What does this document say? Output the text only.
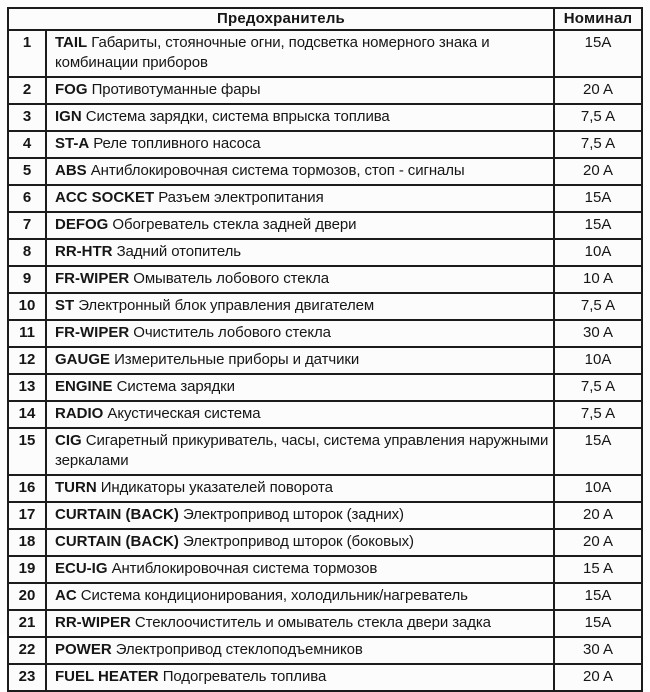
Предохранитель		Номинал
1	TAIL Габариты, стояночные огни, подсветка номерного знака и комбинации приборов	15A
2	FOG Противотуманные фары	20 A
3	IGN Система зарядки, система впрыска топлива	7,5 A
4	ST-A Реле топливного насоса	7,5 A
5	ABS Антиблокировочная система тормозов, стоп - сигналы	20 A
6	ACC SOCKET Разъем электропитания	15A
7	DEFOG Обогреватель стекла задней двери	15A
8	RR-HTR Задний отопитель	10A
9	FR-WIPER Омыватель лобового стекла	10 A
10	ST Электронный блок управления двигателем	7,5 A
11	FR-WIPER Очиститель лобового стекла	30 A
12	GAUGE Измерительные приборы и датчики	10A
13	ENGINE Система зарядки	7,5 A
14	RADIO Акустическая система	7,5 A
15	CIG Сигаретный прикуриватель, часы, система управления наружными зеркалами	15A
16	TURN Индикаторы указателей поворота	10A
17	CURTAIN (BACK) Электропривод шторок (задних)	20 A
18	CURTAIN (BACK) Электропривод шторок (боковых)	20 A
19	ECU-IG Антиблокировочная система тормозов	15 A
20	AC Система кондиционирования, холодильник/нагреватель	15A
21	RR-WIPER Стеклоочиститель и омыватель стекла двери задка	15A
22	POWER Электропривод стеклоподъемников	30 A
23	FUEL HEATER Подогреватель топлива	20 A
